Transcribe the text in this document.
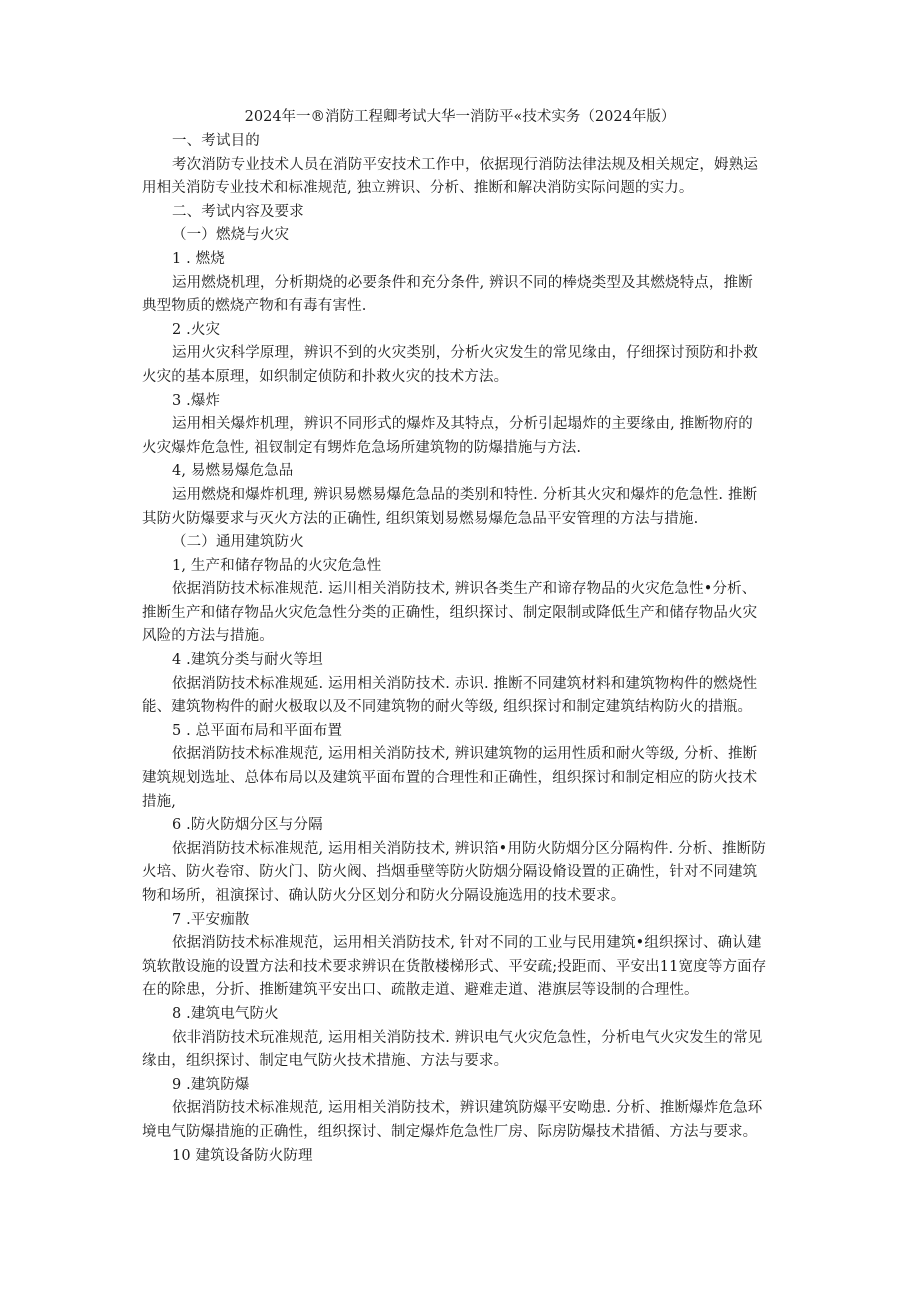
2024年一®消防工程卿考试大华一消防平«技术实务（2024年版）
一、考试目的
考次消防专业技术人员在消防平安技术工作中，依据现行消防法律法规及相关规定，姆熟运
用相关消防专业技术和标准规范, 独立辨识、分析、推断和解决消防实际问题的实力。
二、考试内容及要求
（一）燃烧与火灾
1 . 燃烧
运用燃烧机理，分析期烧的必要条件和充分条件, 辨识不同的棒烧类型及其燃烧特点，推断
典型物质的燃烧产物和有毒有害性.
2 .火灾
运用火灾科学原理，辨识不到的火灾类别，分析火灾发生的常见缘由，仔细探讨预防和扑救
火灾的基本原理，如织制定侦防和扑救火灾的技术方法。
3 .爆炸
运用相关爆炸机理，辨识不同形式的爆炸及其特点，分析引起塌炸的主要缘由, 推断物府的
火灾爆炸危急性, 祖钗制定有甥炸危急场所建筑物的防爆措施与方法.
4, 易燃易爆危急品
运用燃烧和爆炸机理, 辨识易燃易爆危急品的类别和特性. 分析其火灾和爆炸的危急性. 推断
其防火防爆要求与灭火方法的正确性, 组织策划易燃易爆危急品平安管理的方法与措施.
（二）通用建筑防火
1, 生产和储存物品的火灾危急性
依据消防技术标准规范. 运川相关消防技术, 辨识各类生产和谛存物品的火灾危急性•分析、
推断生产和储存物品火灾危急性分类的正确性，组织探讨、制定限制或降低生产和储存物品火灾
风险的方法与措施。
4 .建筑分类与耐火等坦
依据消防技术标准规延. 运用相关消防技术. 赤识. 推断不同建筑材料和建筑物构件的燃烧性
能、建筑物构件的耐火极取以及不同建筑物的耐火等级, 组织探讨和制定建筑结构防火的措瓶。
5 . 总平面布局和平面布置
依据消防技术标准规范, 运用相关消防技术, 辨识建筑物的运用性质和耐火等级, 分析、推断
建筑规划选址、总体布局以及建筑平面布置的合理性和正确性，组织探讨和制定相应的防火技术
措施,
6 .防火防烟分区与分隔
依据消防技术标准规范, 运用相关消防技术, 辨识箔•用防火防烟分区分隔构件. 分析、推断防
火培、防火卷帘、防火门、防火阀、挡烟垂壁等防火防烟分隔设脩设置的正确性，针对不同建筑
物和场所，祖演探讨、确认防火分区划分和防火分隔设施选用的技术要求。
7 .平安痂散
依据消防技术标准规范，运用相关消防技术, 针对不同的工业与民用建筑•组织探讨、确认建
筑软散设施的设置方法和技术要求辨识在货散楼梯形式、平安疏;投距而、平安出11宽度等方面存
在的除患，分折、推断建筑平安出口、疏散走道、避难走道、港旗层等设制的合理性。
8 .建筑电气防火
依非消防技术玩准规范, 运用相关消防技术. 辨识电气火灾危急性，分析电气火灾发生的常见
缘由，组织探讨、制定电气防火技术措施、方法与要求。
9 .建筑防爆
依据消防技术标准规范, 运用相关消防技术，辨识建筑防爆平安呦患. 分析、推断爆炸危急环
境电气防爆措施的正确性，组织探讨、制定爆炸危急性厂房、际房防爆技术措循、方法与要求。
10 建筑设备防火防理
